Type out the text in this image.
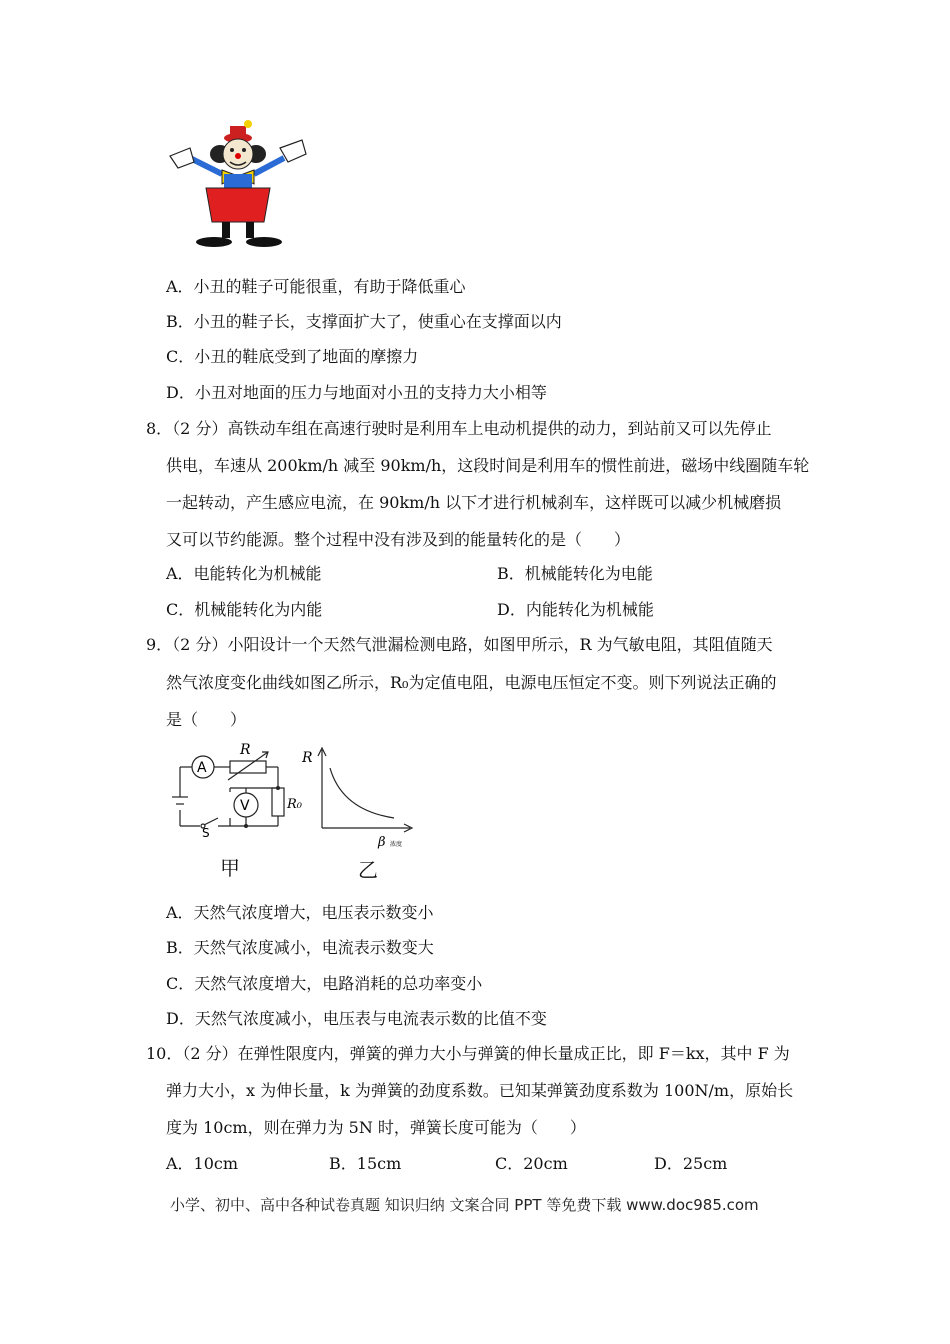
A．小丑的鞋子可能很重，有助于降低重心
B．小丑的鞋子长，支撑面扩大了，使重心在支撑面以内
C．小丑的鞋底受到了地面的摩擦力
D．小丑对地面的压力与地面对小丑的支持力大小相等
8．（2 分）高铁动车组在高速行驶时是利用车上电动机提供的动力，到站前又可以先停止
供电，车速从 200km/h 减至 90km/h，这段时间是利用车的惯性前进，磁场中线圈随车轮
一起转动，产生感应电流，在 90km/h 以下才进行机械刹车，这样既可以减少机械磨损
又可以节约能源。整个过程中没有涉及到的能量转化的是（　　）
A．电能转化为机械能	B．机械能转化为电能
C．机械能转化为内能	D．内能转化为机械能
9．（2 分）小阳设计一个天然气泄漏检测电路，如图甲所示，R 为气敏电阻，其阻值随天
然气浓度变化曲线如图乙所示，R₀为定值电阻，电源电压恒定不变。则下列说法正确的
是（　　）
A
V
R
R₀
S
甲
R
β 浓度
乙
A．天然气浓度增大，电压表示数变小
B．天然气浓度减小，电流表示数变大
C．天然气浓度增大，电路消耗的总功率变小
D．天然气浓度减小，电压表与电流表示数的比值不变
10．（2 分）在弹性限度内，弹簧的弹力大小与弹簧的伸长量成正比，即 F＝kx，其中 F 为
弹力大小，x 为伸长量，k 为弹簧的劲度系数。已知某弹簧劲度系数为 100N/m，原始长
度为 10cm，则在弹力为 5N 时，弹簧长度可能为（　　）
A．10cm	B．15cm	C．20cm	D．25cm
小学、初中、高中各种试卷真题 知识归纳 文案合同 PPT 等免费下载 www.doc985.com
